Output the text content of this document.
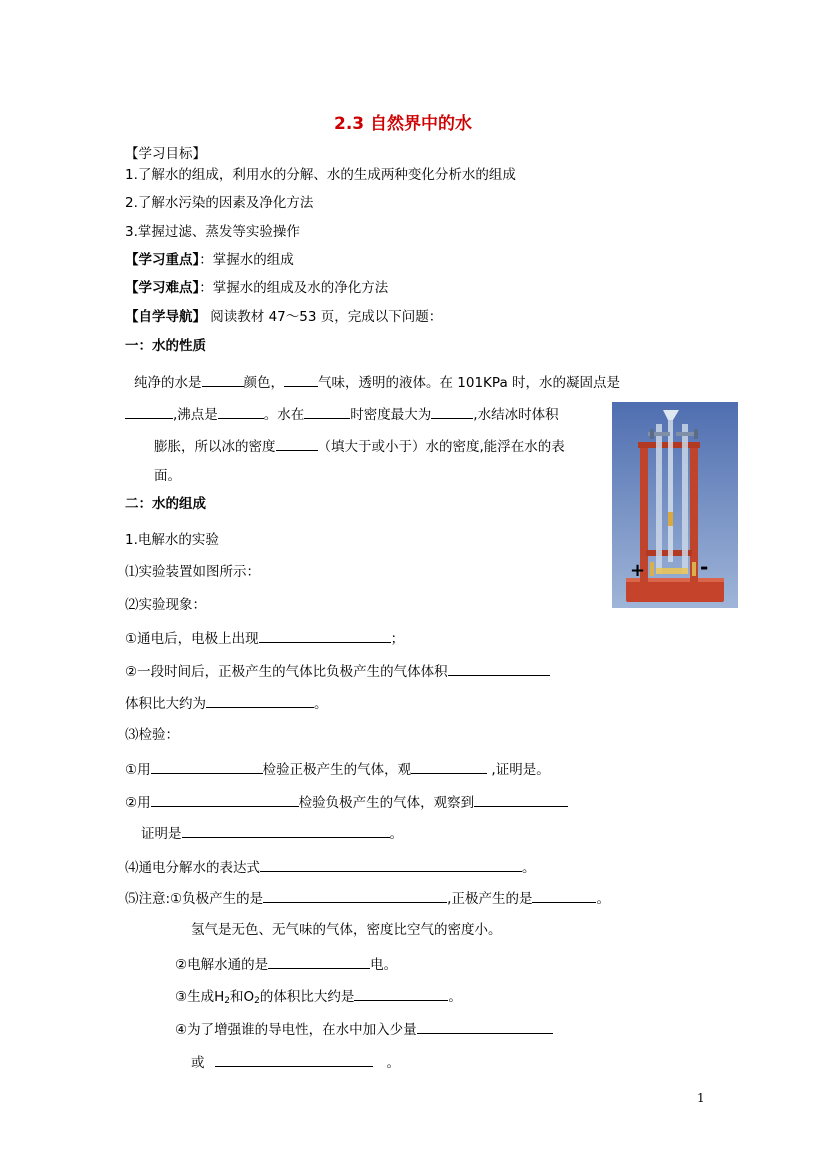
2.3 自然界中的水
【学习目标】
1.了解水的组成，利用水的分解、水的生成两种变化分析水的组成
2.了解水污染的因素及净化方法
3.掌握过滤、蒸发等实验操作
【学习重点】：掌握水的组成
【学习难点】：掌握水的组成及水的净化方法
【自学导航】 阅读教材 47～53 页，完成以下问题：
一：水的性质
纯净的水是	颜色，	气味，透明的液体。在 101KPa 时，水的凝固点是
,沸点是	。水在	时密度最大为	,水结冰时体积
膨胀，所以冰的密度	（填大于或小于）水的密度,能浮在水的表
面。
二：水的组成
1.电解水的实验
⑴实验装置如图所示：
⑵实验现象：
①通电后，电极上出现	；
②一段时间后，正极产生的气体比负极产生的气体体积
体积比大约为	。
⑶检验：
①用	检验正极产生的气体，观	,证明是。
②用	检验负极产生的气体，观察到
证明是	。
⑷通电分解水的表达式	。
⑸注意:①负极产生的是	,正极产生的是	。
氢气是无色、无气味的气体，密度比空气的密度小。
②电解水通的是	电。
③生成$H_2$和$O_2$的体积比大约是	。
④为了增强谁的导电性，在水中加入少量
或	。
+	-
1
